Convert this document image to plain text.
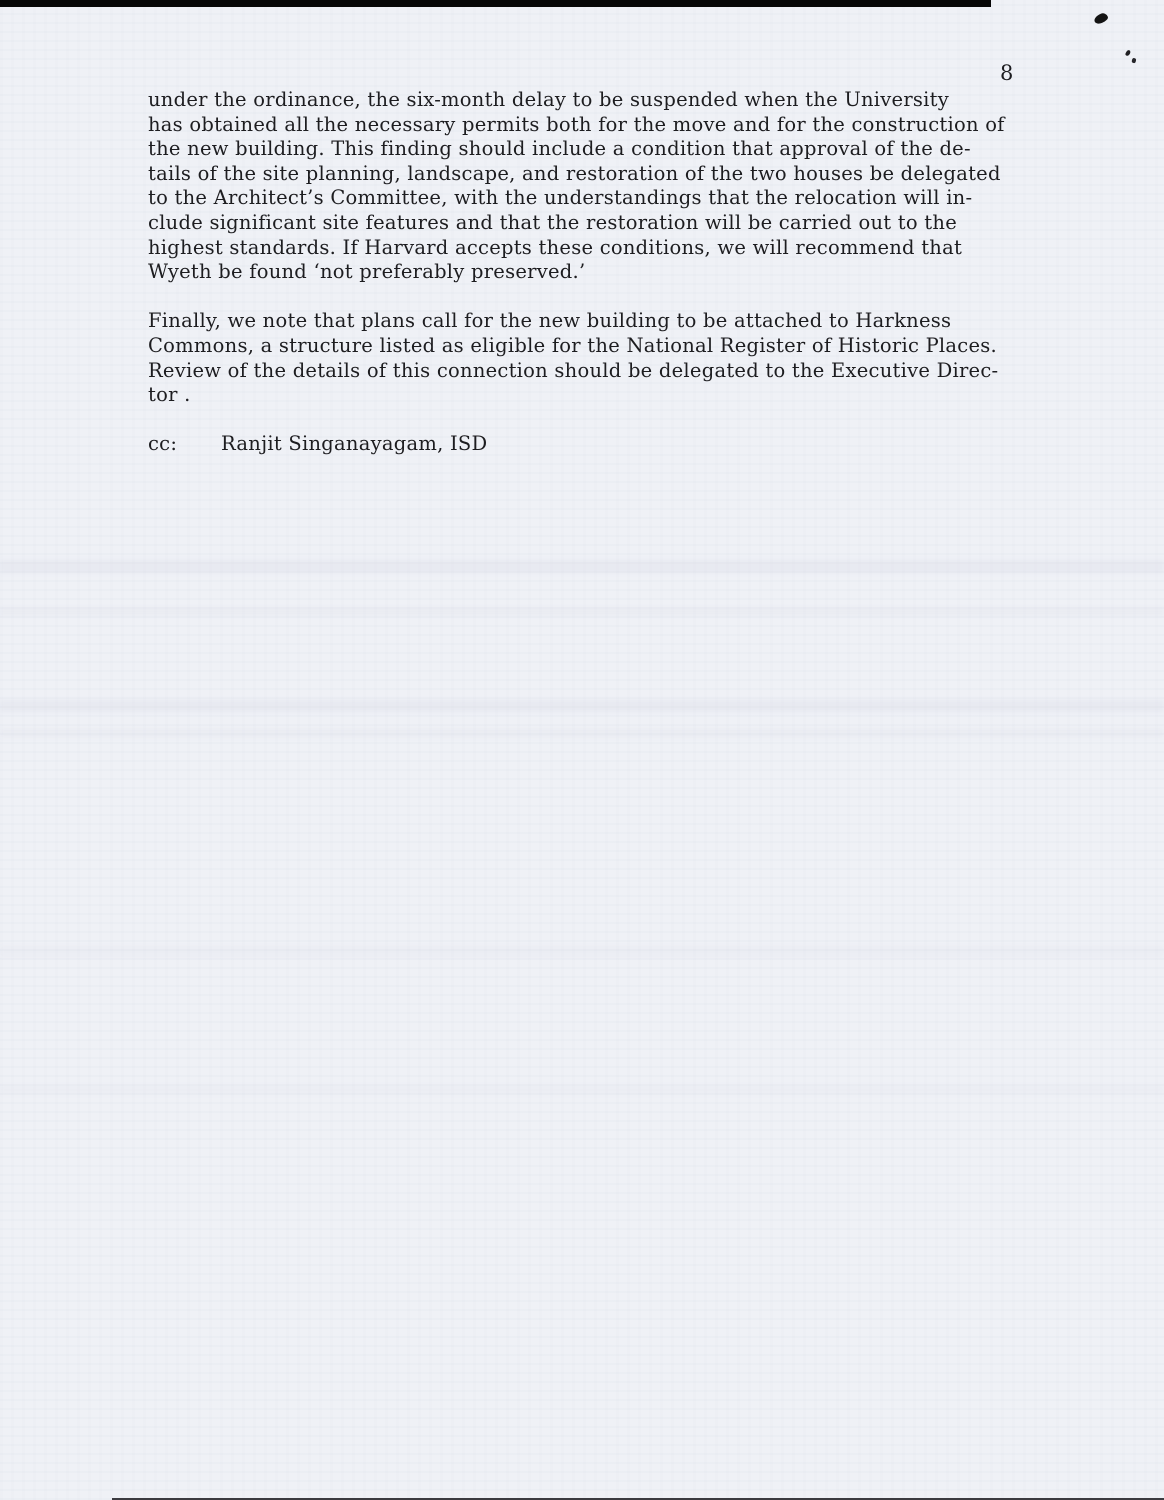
8
under the ordinance, the six-month delay to be suspended when the University
has obtained all the necessary permits both for the move and for the construction of
the new building. This finding should include a condition that approval of the de-
tails of the site planning, landscape, and restoration of the two houses be delegated
to the Architect’s Committee, with the understandings that the relocation will in-
clude significant site features and that the restoration will be carried out to the
highest standards. If Harvard accepts these conditions, we will recommend that
Wyeth be found ‘not preferably preserved.’
Finally, we note that plans call for the new building to be attached to Harkness
Commons, a structure listed as eligible for the National Register of Historic Places.
Review of the details of this connection should be delegated to the Executive Direc-
tor .
cc:	Ranjit Singanayagam, ISD
